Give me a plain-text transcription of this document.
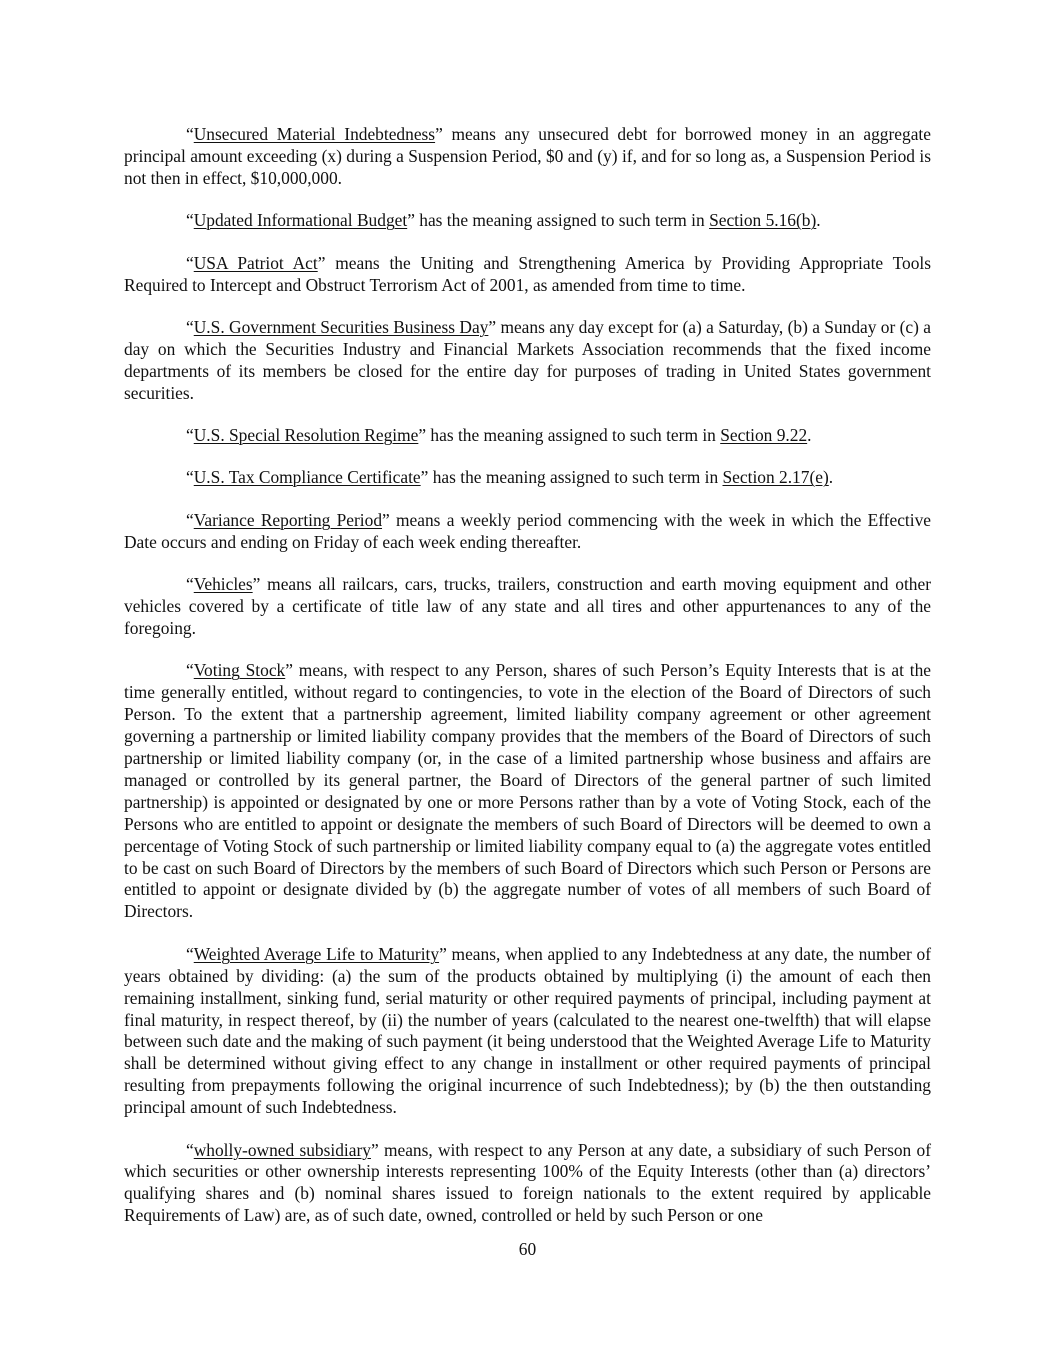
“Unsecured Material Indebtedness” means any unsecured debt for borrowed money in an aggregate principal amount exceeding (x) during a Suspension Period, $0 and (y) if, and for so long as, a Suspension Period is not then in effect, $10,000,000.

“Updated Informational Budget” has the meaning assigned to such term in Section 5.16(b).

“USA Patriot Act” means the Uniting and Strengthening America by Providing Appropriate Tools Required to Intercept and Obstruct Terrorism Act of 2001, as amended from time to time.

“U.S. Government Securities Business Day” means any day except for (a) a Saturday, (b) a Sunday or (c) a day on which the Securities Industry and Financial Markets Association recommends that the fixed income departments of its members be closed for the entire day for purposes of trading in United States government securities.

“U.S. Special Resolution Regime” has the meaning assigned to such term in Section 9.22.

“U.S. Tax Compliance Certificate” has the meaning assigned to such term in Section 2.17(e).

“Variance Reporting Period” means a weekly period commencing with the week in which the Effective Date occurs and ending on Friday of each week ending thereafter.

“Vehicles” means all railcars, cars, trucks, trailers, construction and earth moving equipment and other vehicles covered by a certificate of title law of any state and all tires and other appurtenances to any of the foregoing.

“Voting Stock” means, with respect to any Person, shares of such Person’s Equity Interests that is at the time generally entitled, without regard to contingencies, to vote in the election of the Board of Directors of such Person. To the extent that a partnership agreement, limited liability company agreement or other agreement governing a partnership or limited liability company provides that the members of the Board of Directors of such partnership or limited liability company (or, in the case of a limited partnership whose business and affairs are managed or controlled by its general partner, the Board of Directors of the general partner of such limited partnership) is appointed or designated by one or more Persons rather than by a vote of Voting Stock, each of the Persons who are entitled to appoint or designate the members of such Board of Directors will be deemed to own a percentage of Voting Stock of such partnership or limited liability company equal to (a) the aggregate votes entitled to be cast on such Board of Directors by the members of such Board of Directors which such Person or Persons are entitled to appoint or designate divided by (b) the aggregate number of votes of all members of such Board of Directors.

“Weighted Average Life to Maturity” means, when applied to any Indebtedness at any date, the number of years obtained by dividing: (a) the sum of the products obtained by multiplying (i) the amount of each then remaining installment, sinking fund, serial maturity or other required payments of principal, including payment at final maturity, in respect thereof, by (ii) the number of years (calculated to the nearest one-twelfth) that will elapse between such date and the making of such payment (it being understood that the Weighted Average Life to Maturity shall be determined without giving effect to any change in installment or other required payments of principal resulting from prepayments following the original incurrence of such Indebtedness); by (b) the then outstanding principal amount of such Indebtedness.

“wholly-owned subsidiary” means, with respect to any Person at any date, a subsidiary of such Person of which securities or other ownership interests representing 100% of the Equity Interests (other than (a) directors’ qualifying shares and (b) nominal shares issued to foreign nationals to the extent required by applicable Requirements of Law) are, as of such date, owned, controlled or held by such Person or one

60
